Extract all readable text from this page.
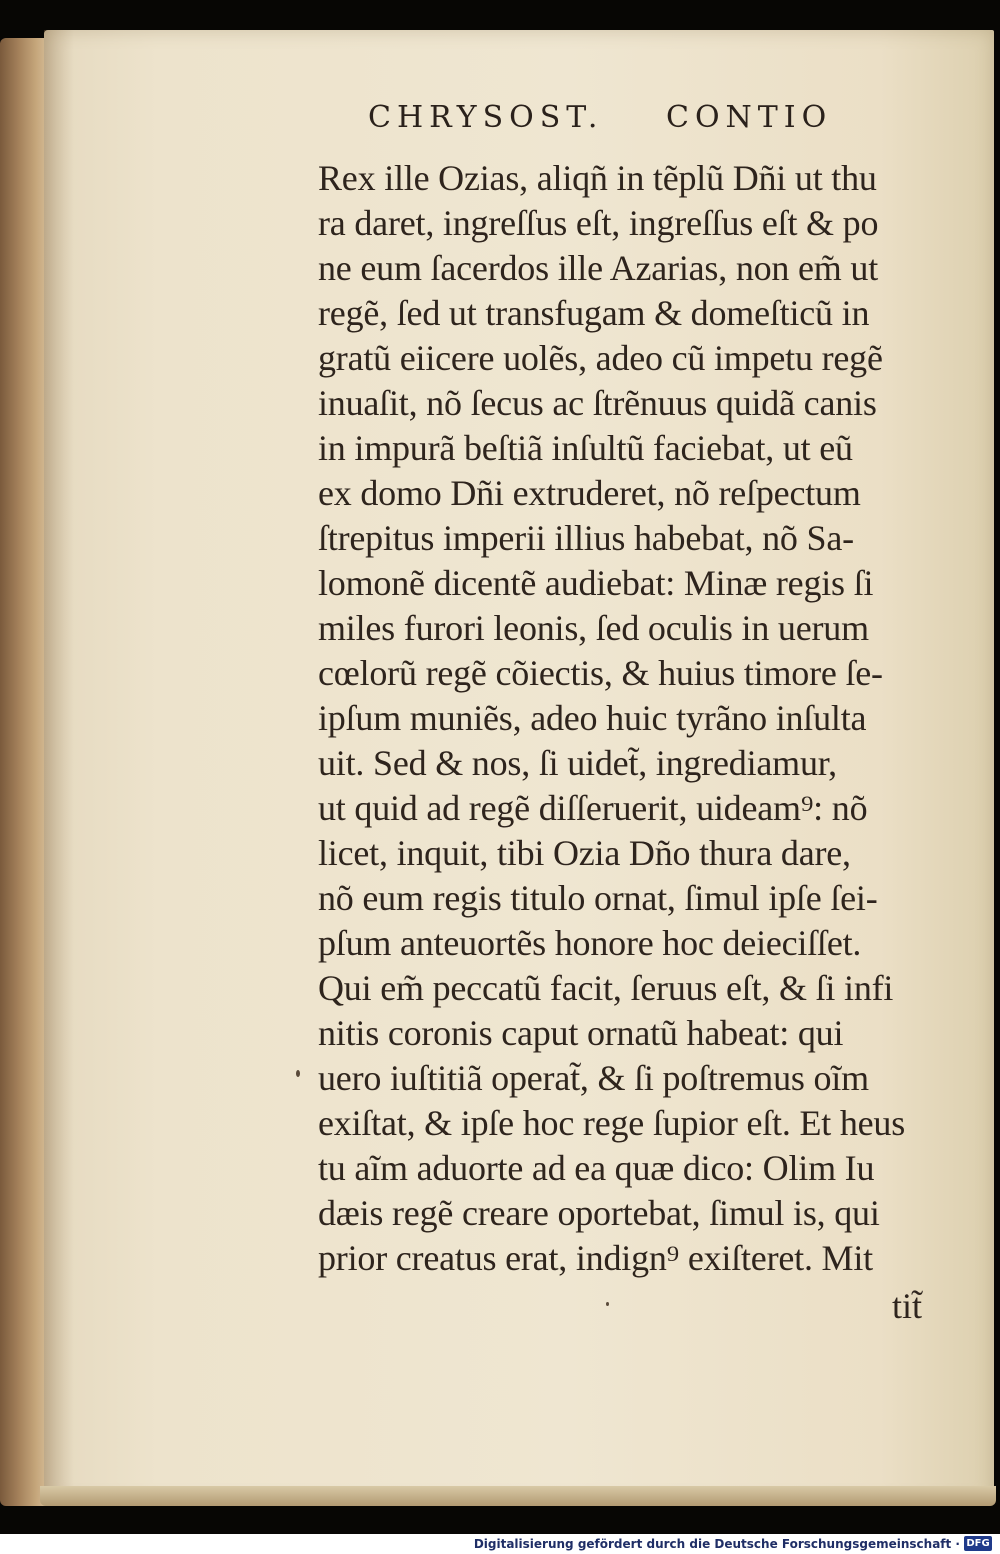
CHRYSOST. CONTIO
Rex ille Ozias, aliqñ in tẽplũ Dñi ut thu
ra daret, ingreſſus eſt, ingreſſus eſt & po
ne eum ſacerdos ille Azarias, non em̃ ut
regẽ, ſed ut transfugam & domeſticũ in
gratũ eiicere uolẽs, adeo cũ impetu regẽ
inuaſit, nõ ſecus ac ſtrẽnuus quidã canis
in impurã beſtiã inſultũ faciebat, ut eũ
ex domo Dñi extruderet, nõ reſpectum
ſtrepitus imperii illius habebat, nõ Sa-
lomonẽ dicentẽ audiebat: Minæ regis ſi
miles furori leonis, ſed oculis in uerum
cœlorũ regẽ cõiectis, & huius timore ſe-
ipſum muniẽs, adeo huic tyrãno inſulta
uit. Sed & nos, ſi uidet̃, ingrediamur,
ut quid ad regẽ diſſeruerit, uideam⁹: nõ
licet, inquit, tibi Ozia Dño thura dare,
nõ eum regis titulo ornat, ſimul ipſe ſei-
pſum anteuortẽs honore hoc deieciſſet.
Qui em̃ peccatũ facit, ſeruus eſt, & ſi infi
nitis coronis caput ornatũ habeat: qui
uero iuſtitiã operat̃, & ſi poſtremus oĩm
exiſtat, & ipſe hoc rege ſupior eſt. Et heus
tu aĩm aduorte ad ea quæ dico: Olim Iu
dæis regẽ creare oportebat, ſimul is, qui
prior creatus erat, indign⁹ exiſteret. Mit
tit̃
Digitalisierung gefördert durch die Deutsche Forschungsgemeinschaft · DFG
